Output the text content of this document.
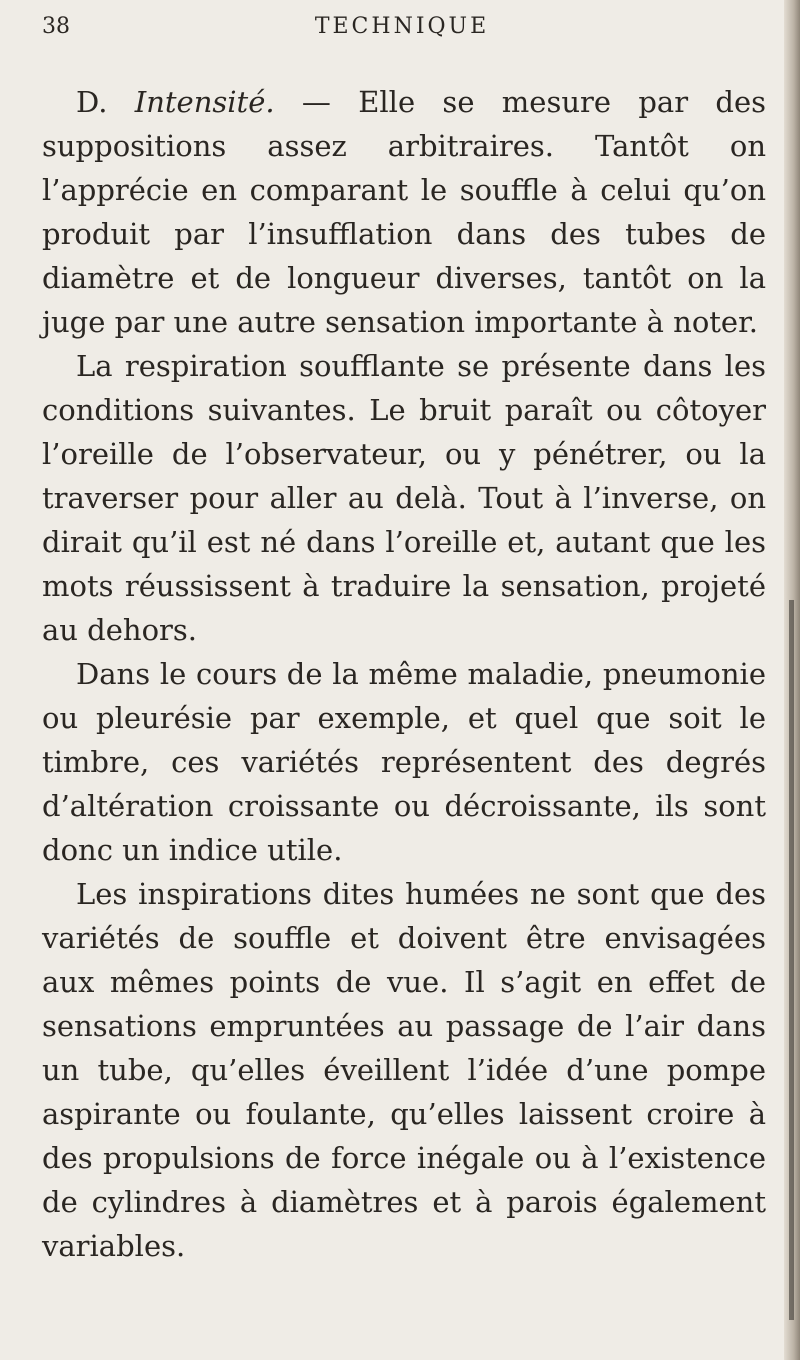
38	TECHNIQUE

D. Intensité. — Elle se mesure par des suppositions assez arbitraires. Tantôt on l’apprécie en comparant le souffle à celui qu’on produit par l’insufflation dans des tubes de diamètre et de longueur diverses, tantôt on la juge par une autre sensation importante à noter.

La respiration soufflante se présente dans les conditions suivantes. Le bruit paraît ou côtoyer l’oreille de l’observateur, ou y pénétrer, ou la traverser pour aller au delà. Tout à l’inverse, on dirait qu’il est né dans l’oreille et, autant que les mots réussissent à traduire la sensation, projeté au dehors.

Dans le cours de la même maladie, pneumonie ou pleurésie par exemple, et quel que soit le timbre, ces variétés représentent des degrés d’altération croissante ou décroissante, ils sont donc un indice utile.

Les inspirations dites humées ne sont que des variétés de souffle et doivent être envisagées aux mêmes points de vue. Il s’agit en effet de sensations empruntées au passage de l’air dans un tube, qu’elles éveillent l’idée d’une pompe aspirante ou foulante, qu’elles laissent croire à des propulsions de force inégale ou à l’existence de cylindres à diamètres et à parois également variables.
